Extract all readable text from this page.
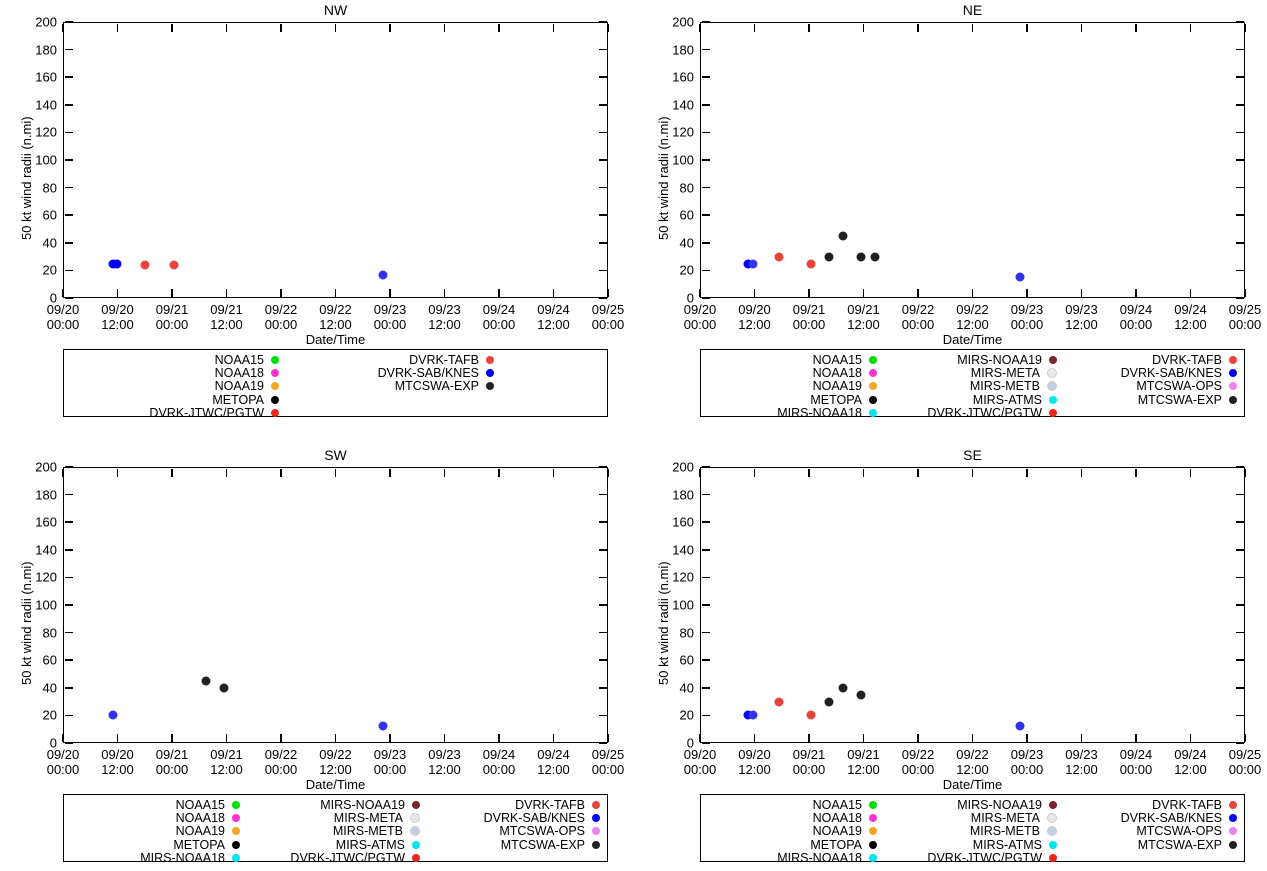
NW
50 kt wind radii (n.mi)
0
20
40
60
80
100
120
140
160
180
200
09/20
00:00
09/20
12:00
09/21
00:00
09/21
12:00
09/22
00:00
09/22
12:00
09/23
00:00
09/23
12:00
09/24
00:00
09/24
12:00
09/25
00:00
Date/Time
NOAA15
NOAA18
NOAA19
METOPA
DVRK-JTWC/PGTW
DVRK-TAFB
DVRK-SAB/KNES
MTCSWA-EXP
NE
50 kt wind radii (n.mi)
0
20
40
60
80
100
120
140
160
180
200
09/20
00:00
09/20
12:00
09/21
00:00
09/21
12:00
09/22
00:00
09/22
12:00
09/23
00:00
09/23
12:00
09/24
00:00
09/24
12:00
09/25
00:00
Date/Time
NOAA15
NOAA18
NOAA19
METOPA
MIRS-NOAA18
MIRS-NOAA19
MIRS-META
MIRS-METB
MIRS-ATMS
DVRK-JTWC/PGTW
DVRK-TAFB
DVRK-SAB/KNES
MTCSWA-OPS
MTCSWA-EXP
SW
50 kt wind radii (n.mi)
0
20
40
60
80
100
120
140
160
180
200
09/20
00:00
09/20
12:00
09/21
00:00
09/21
12:00
09/22
00:00
09/22
12:00
09/23
00:00
09/23
12:00
09/24
00:00
09/24
12:00
09/25
00:00
Date/Time
NOAA15
NOAA18
NOAA19
METOPA
MIRS-NOAA18
MIRS-NOAA19
MIRS-META
MIRS-METB
MIRS-ATMS
DVRK-JTWC/PGTW
DVRK-TAFB
DVRK-SAB/KNES
MTCSWA-OPS
MTCSWA-EXP
SE
50 kt wind radii (n.mi)
0
20
40
60
80
100
120
140
160
180
200
09/20
00:00
09/20
12:00
09/21
00:00
09/21
12:00
09/22
00:00
09/22
12:00
09/23
00:00
09/23
12:00
09/24
00:00
09/24
12:00
09/25
00:00
Date/Time
NOAA15
NOAA18
NOAA19
METOPA
MIRS-NOAA18
MIRS-NOAA19
MIRS-META
MIRS-METB
MIRS-ATMS
DVRK-JTWC/PGTW
DVRK-TAFB
DVRK-SAB/KNES
MTCSWA-OPS
MTCSWA-EXP
